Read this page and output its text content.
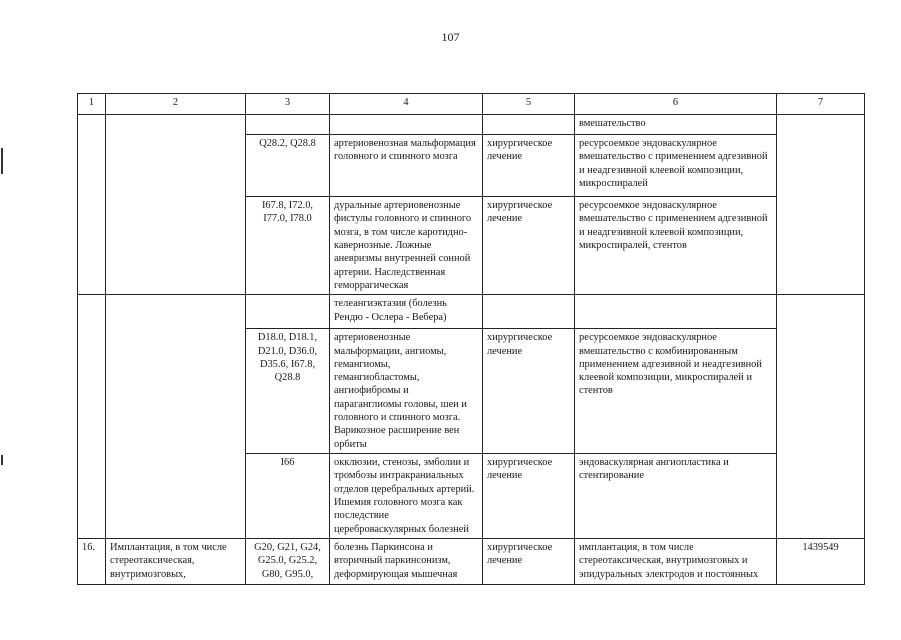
107
1	2	3	4	5	6	7
					вмешательство	
		Q28.2, Q28.8	артериовенозная мальформация головного и спинного мозга	хирургическое лечение	ресурсоемкое эндоваскулярное вмешательство с применением адгезивной и неадгезивной клеевой композиции, микроспиралей	
		I67.8, I72.0, I77.0, I78.0	дуральные артериовенозные фистулы головного и спинного мозга, в том числе каротидно-кавернозные. Ложные аневризмы внутренней сонной артерии. Наследственная геморрагическая	хирургическое лечение	ресурсоемкое эндоваскулярное вмешательство с применением адгезивной и неадгезивной клеевой композиции, микроспиралей, стентов	
			телеангиэктазия (болезнь Рендю - Ослера - Вебера)			
		D18.0, D18.1, D21.0, D36.0, D35.6, I67.8, Q28.8	артериовенозные мальформации, ангиомы, гемангиомы, гемангиобластомы, ангиофибромы и параганглиомы головы, шеи и головного и спинного мозга. Варикозное расширение вен орбиты	хирургическое лечение	ресурсоемкое эндоваскулярное вмешательство с комбинированным применением адгезивной и неадгезивной клеевой композиции, микроспиралей и стентов	
		I66	окклюзии, стенозы, эмболии и тромбозы интракраниальных отделов церебральных артерий. Ишемия головного мозга как последствие цереброваскулярных болезней	хирургическое лечение	эндоваскулярная ангиопластика и стентирование	
16.	Имплантация, в том числе стереотаксическая, внутримозговых,	G20, G21, G24, G25.0, G25.2, G80, G95.0,	болезнь Паркинсона и вторичный паркинсонизм, деформирующая мышечная	хирургическое лечение	имплантация, в том числе стереотаксическая, внутримозговых и эпидуральных электродов и постоянных	1439549
